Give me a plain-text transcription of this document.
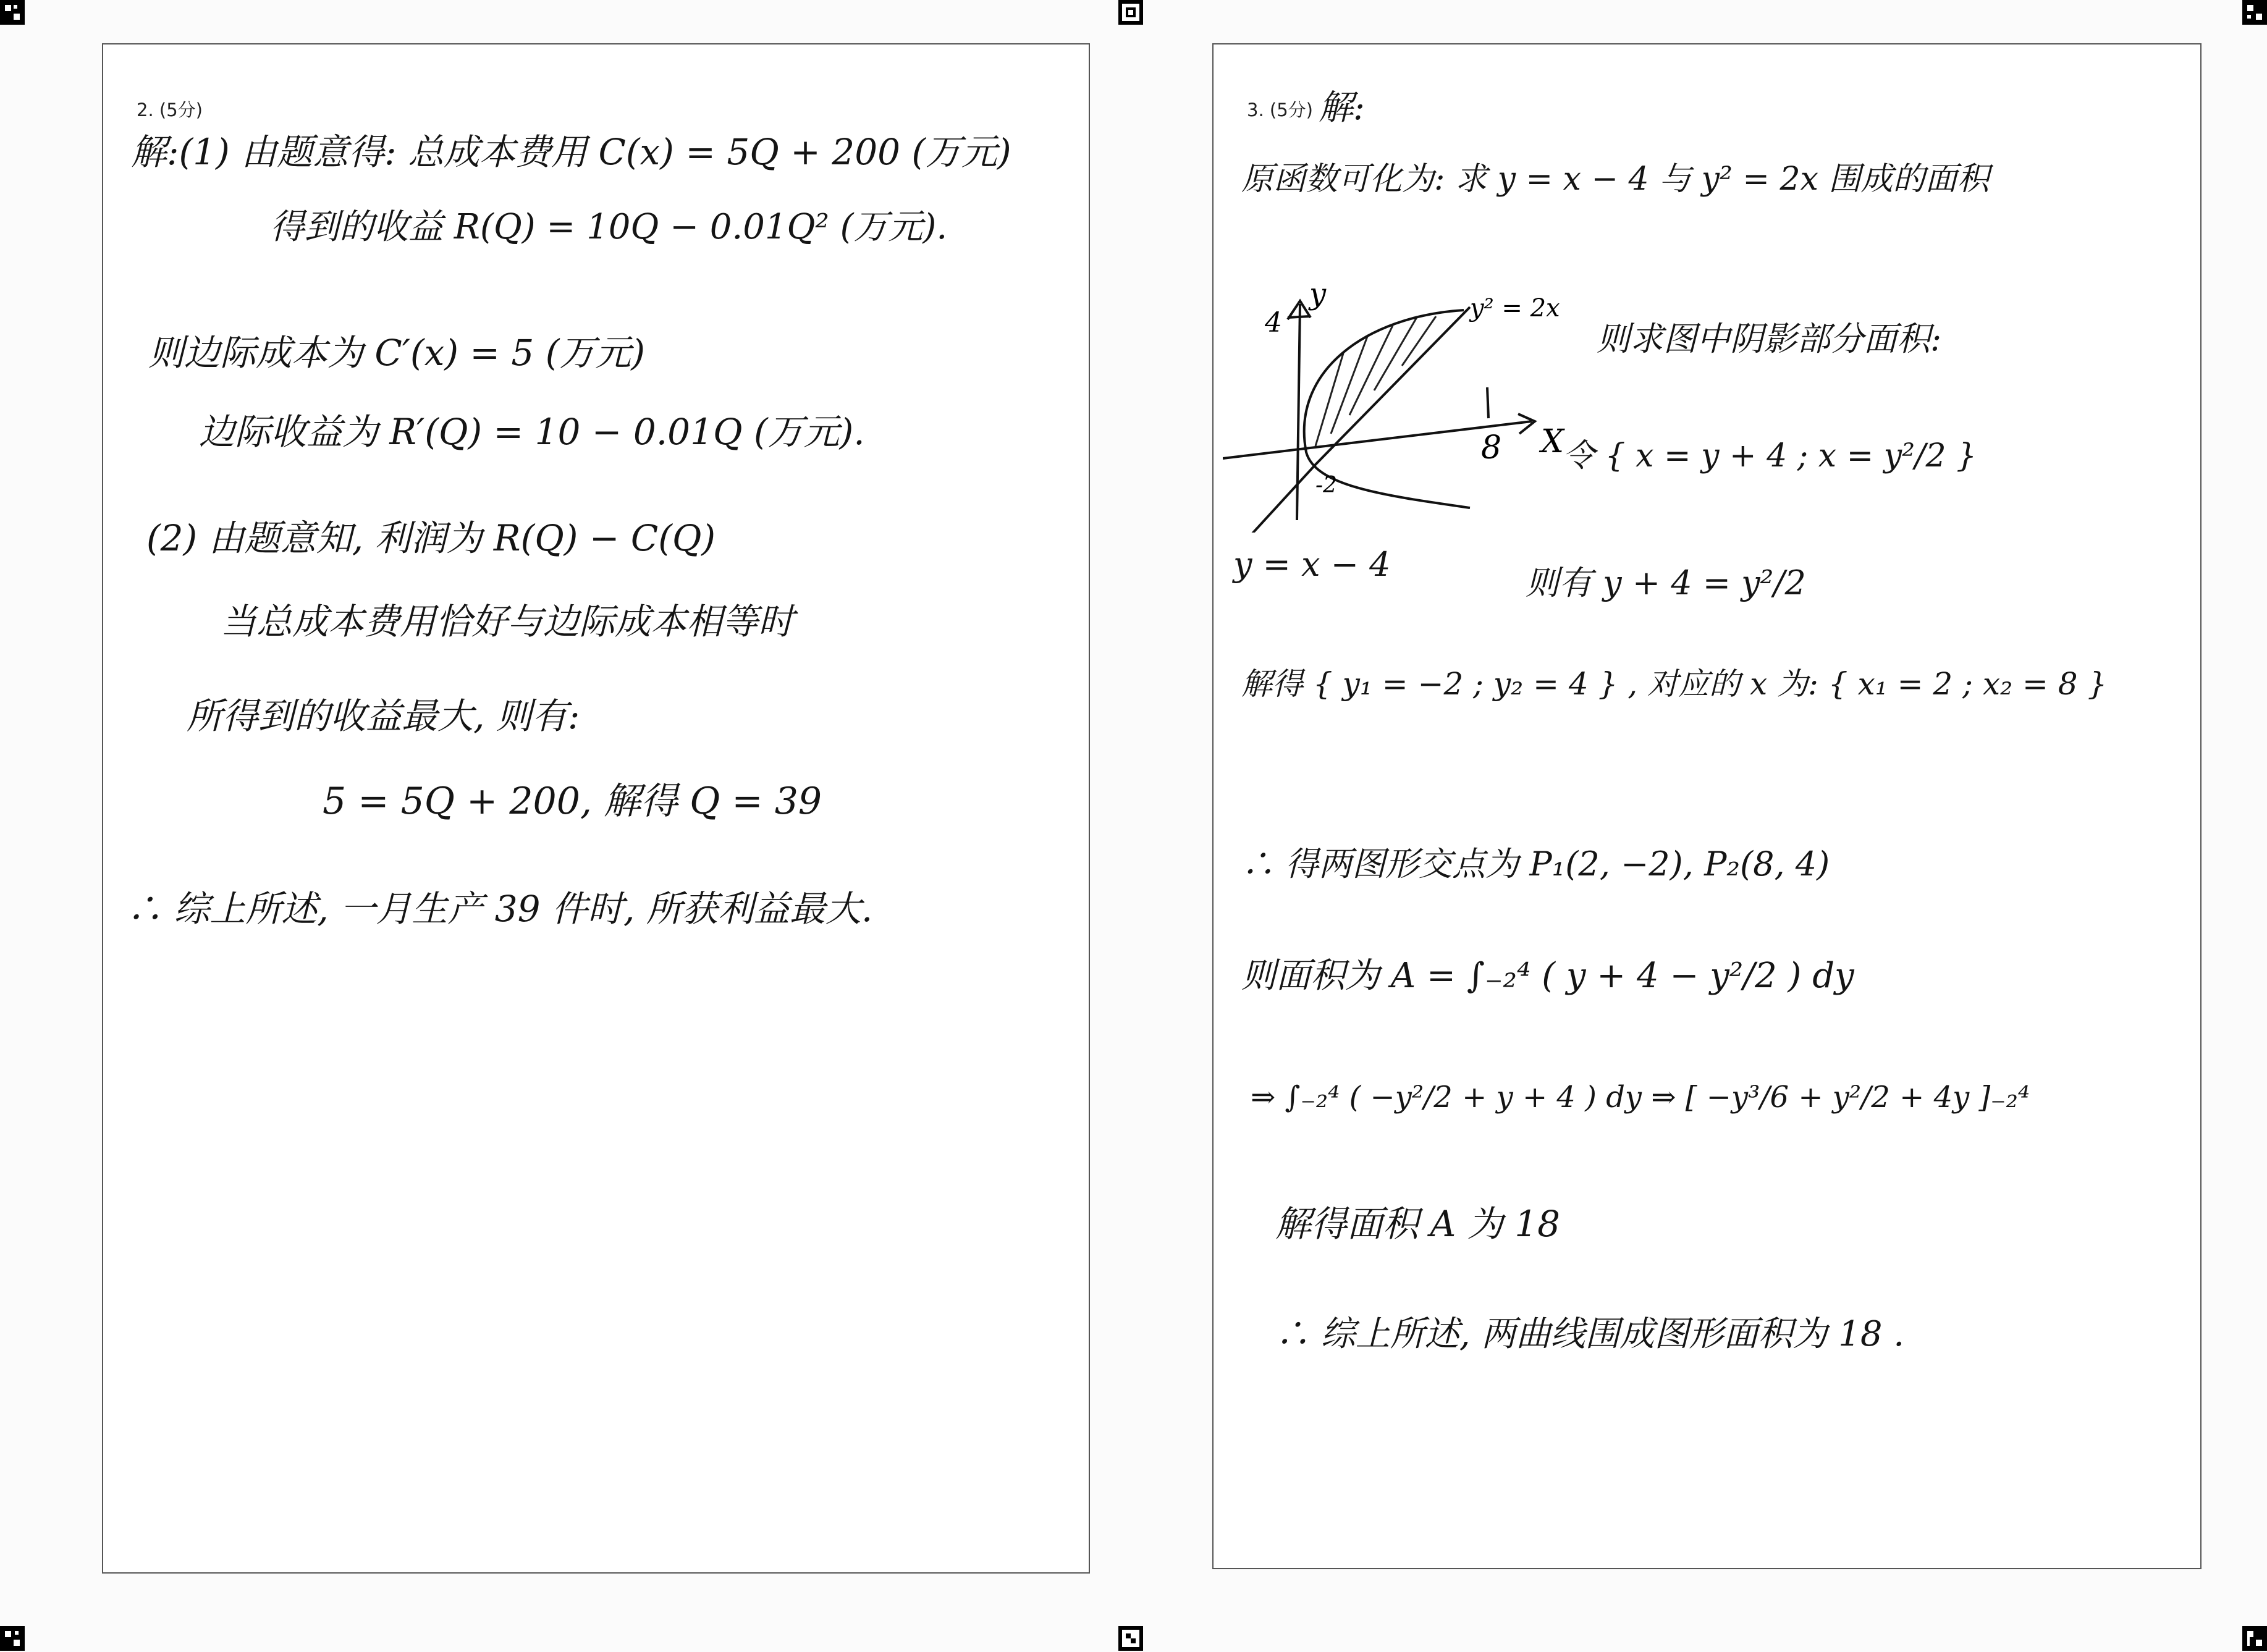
2. (5分)
解:(1) 由题意得: 总成本费用 C(x) = 5Q + 200 (万元)
得到的收益 R(Q) = 10Q − 0.01Q² (万元).
则边际成本为 C′(x) = 5 (万元)
边际收益为 R′(Q) = 10 − 0.01Q (万元).
(2) 由题意知, 利润为 R(Q) − C(Q)
当总成本费用恰好与边际成本相等时
所得到的收益最大, 则有:
5 = 5Q + 200, 解得 Q = 39
∴ 综上所述, 一月生产 39 件时, 所获利益最大.
3. (5分) 解:
原函数可化为: 求 y = x − 4 与 y² = 2x 围成的面积
y
X
y² = 2x
4
8
-2
y = x − 4
则求图中阴影部分面积:
令 { x = y + 4 ; x = y²/2 }
则有 y + 4 = y²/2
解得 { y₁ = −2 ; y₂ = 4 } , 对应的 x 为: { x₁ = 2 ; x₂ = 8 }
∴ 得两图形交点为 P₁(2, −2), P₂(8, 4)
则面积为 A = ∫₋₂⁴ ( y + 4 − y²/2 ) dy
⇒ ∫₋₂⁴ ( −y²/2 + y + 4 ) dy ⇒ [ −y³/6 + y²/2 + 4y ]₋₂⁴
解得面积 A 为 18
∴ 综上所述, 两曲线围成图形面积为 18 .
